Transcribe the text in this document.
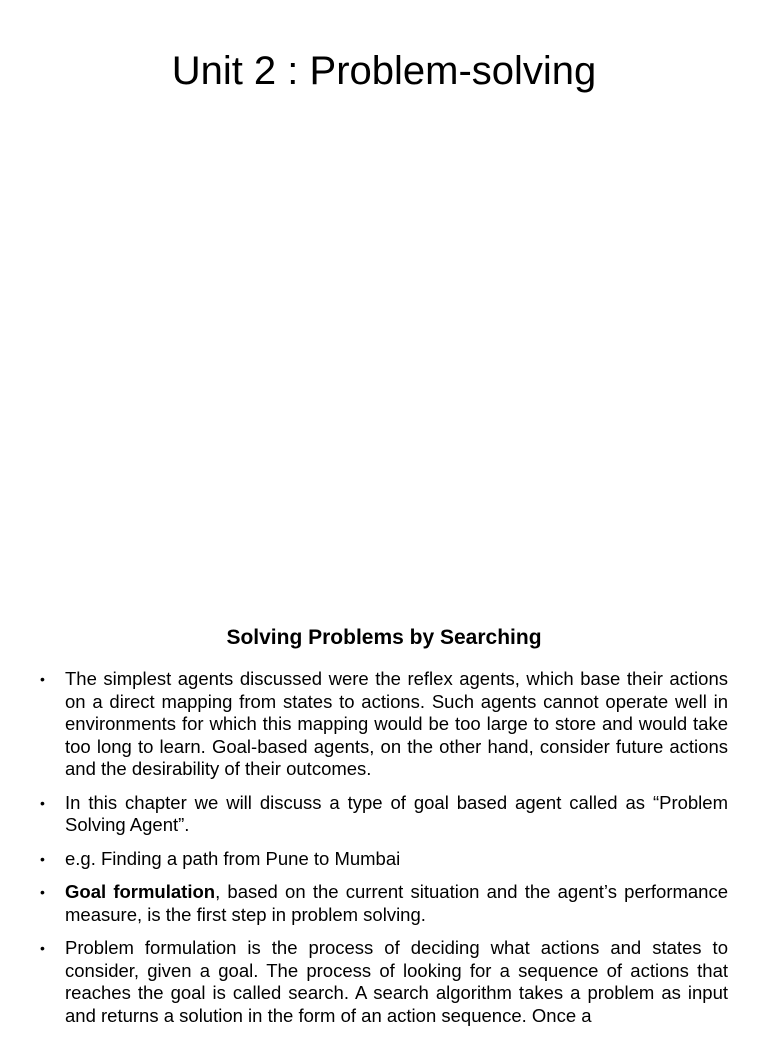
Unit 2 : Problem-solving
Solving Problems by Searching
• The simplest agents discussed were the reflex agents, which base their actions on a direct mapping from states to actions. Such agents cannot operate well in environments for which this mapping would be too large to store and would take too long to learn. Goal-based agents, on the other hand, consider future actions and the desirability of their outcomes.
• In this chapter we will discuss a type of goal based agent called as “Problem Solving Agent”.
• e.g. Finding a path from Pune to Mumbai
• Goal formulation, based on the current situation and the agent’s performance measure, is the first step in problem solving.
• Problem formulation is the process of deciding what actions and states to consider, given a goal. The process of looking for a sequence of actions that reaches the goal is called search. A search algorithm takes a problem as input and returns a solution in the form of an action sequence. Once a
